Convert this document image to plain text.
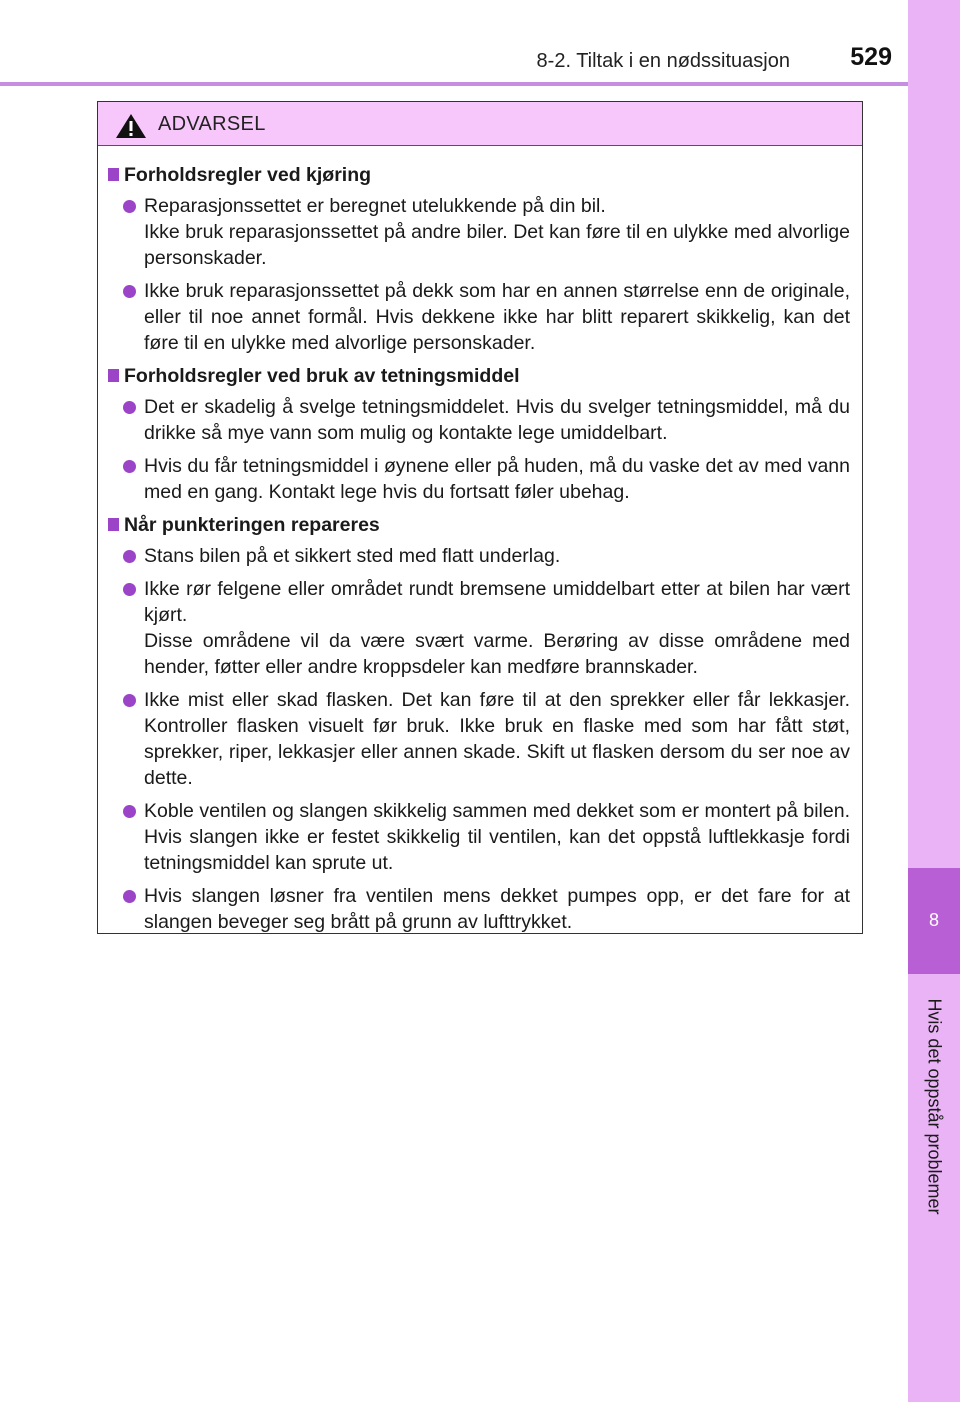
8
Hvis det oppstår problemer
8-2. Tiltak i en nødssituasjon	529
ADVARSEL
Forholdsregler ved kjøring

Reparasjonssettet er beregnet utelukkende på din bil.

Ikke bruk reparasjonssettet på andre biler. Det kan føre til en ulykke med alvorlige personskader.

Ikke bruk reparasjonssettet på dekk som har en annen størrelse enn de originale, eller til noe annet formål. Hvis dekkene ikke har blitt reparert skikkelig, kan det føre til en ulykke med alvorlige personskader.

Forholdsregler ved bruk av tetningsmiddel

Det er skadelig å svelge tetningsmiddelet. Hvis du svelger tetningsmiddel, må du drikke så mye vann som mulig og kontakte lege umiddelbart.

Hvis du får tetningsmiddel i øynene eller på huden, må du vaske det av med vann med en gang. Kontakt lege hvis du fortsatt føler ubehag.

Når punkteringen repareres

Stans bilen på et sikkert sted med flatt underlag.

Ikke rør felgene eller området rundt bremsene umiddelbart etter at bilen har vært kjørt.

Disse områdene vil da være svært varme. Berøring av disse områdene med hender, føtter eller andre kroppsdeler kan medføre brannskader.

Ikke mist eller skad flasken. Det kan føre til at den sprekker eller får lekkasjer. Kontroller flasken visuelt før bruk. Ikke bruk en flaske med som har fått støt, sprekker, riper, lekkasjer eller annen skade. Skift ut flasken dersom du ser noe av dette.

Koble ventilen og slangen skikkelig sammen med dekket som er montert på bilen. Hvis slangen ikke er festet skikkelig til ventilen, kan det oppstå luftlekkasje fordi tetningsmiddel kan sprute ut.

Hvis slangen løsner fra ventilen mens dekket pumpes opp, er det fare for at slangen beveger seg brått på grunn av lufttrykket.
